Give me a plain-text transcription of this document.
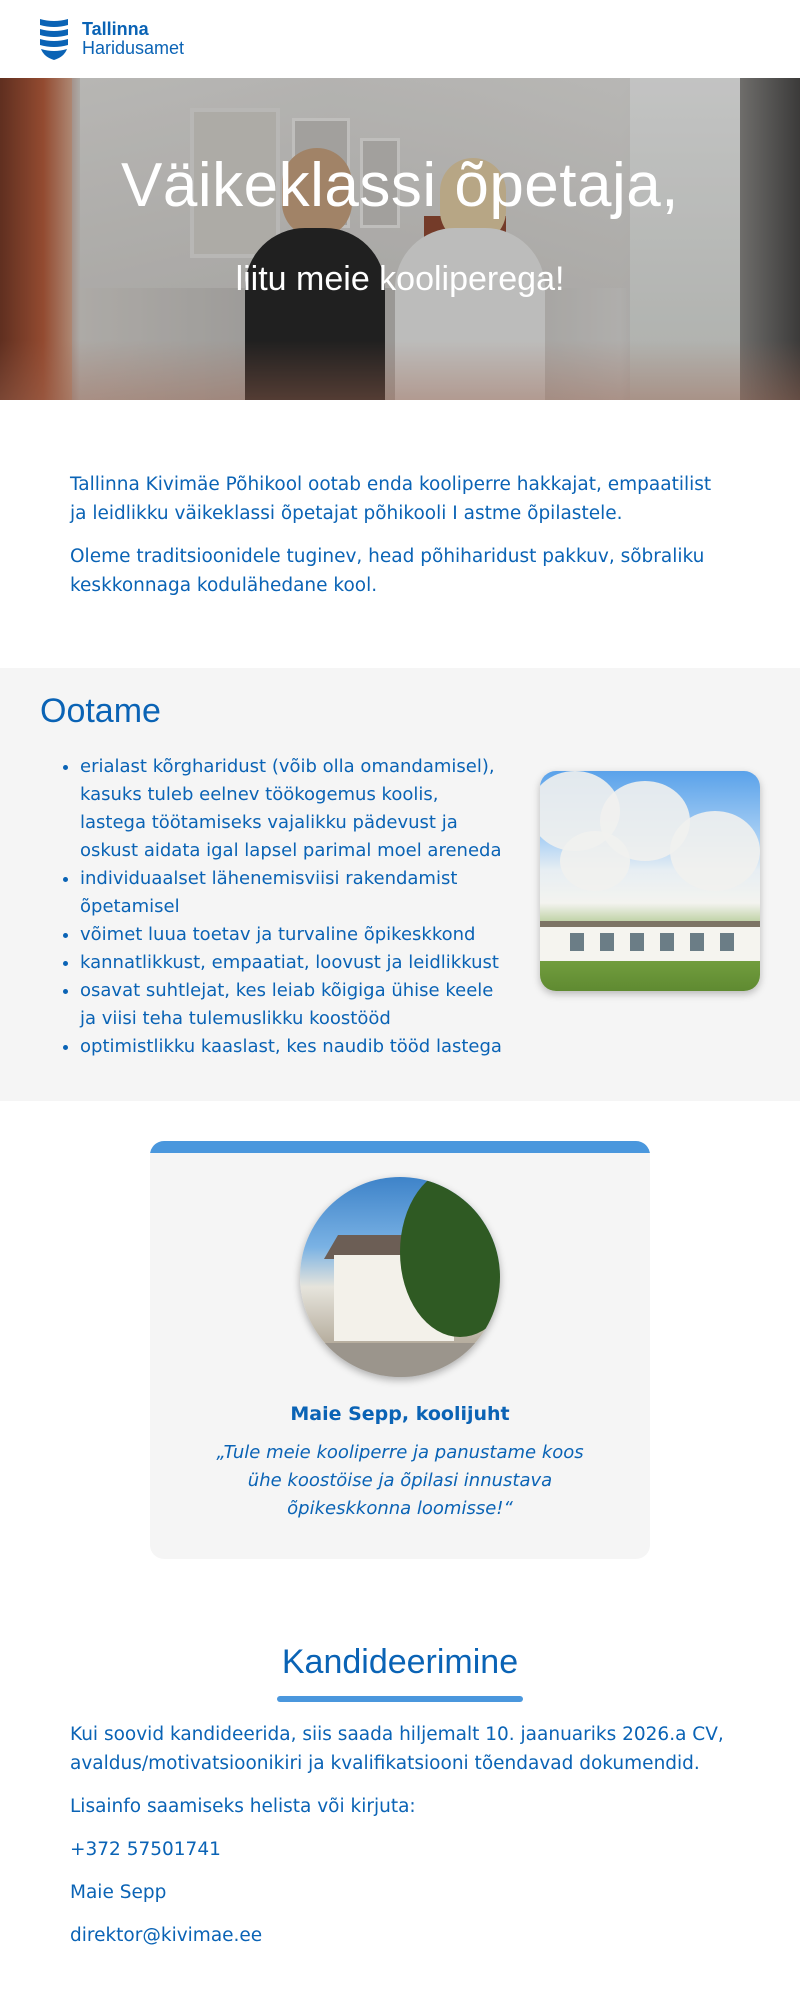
Tallinna
Haridusamet
Väikeklassi õpetaja,
liitu meie kooliperega!

Tallinna Kivimäe Põhikool ootab enda kooliperre hakkajat, empaatilist ja leidlikku väikeklassi õpetajat põhikooli I astme õpilastele.

Oleme traditsioonidele tuginev, head põhiharidust pakkuv, sõbraliku keskkonnaga kodulähedane kool.

Ootame
• erialast kõrgharidust (võib olla omandamisel), kasuks tuleb eelnev töökogemus koolis, lastega töötamiseks vajalikku pädevust ja oskust aidata igal lapsel parimal moel areneda
• individuaalset lähenemisviisi rakendamist õpetamisel
• võimet luua toetav ja turvaline õpikeskkond
• kannatlikkust, empaatiat, loovust ja leidlikkust
• osavat suhtlejat, kes leiab kõigiga ühise keele ja viisi teha tulemuslikku koostööd
• optimistlikku kaaslast, kes naudib tööd lastega
Maie Sepp, koolijuht
„Tule meie kooliperre ja panustame koos ühe koostöise ja õpilasi innustava õpikeskkonna loomisse!“
Kandideerimine

Kui soovid kandideerida, siis saada hiljemalt 10. jaanuariks 2026.a CV, avaldus/motivatsioonikiri ja kvalifikatsiooni tõendavad dokumendid.

Lisainfo saamiseks helista või kirjuta:

+372 57501741

Maie Sepp

direktor@kivimae.ee
